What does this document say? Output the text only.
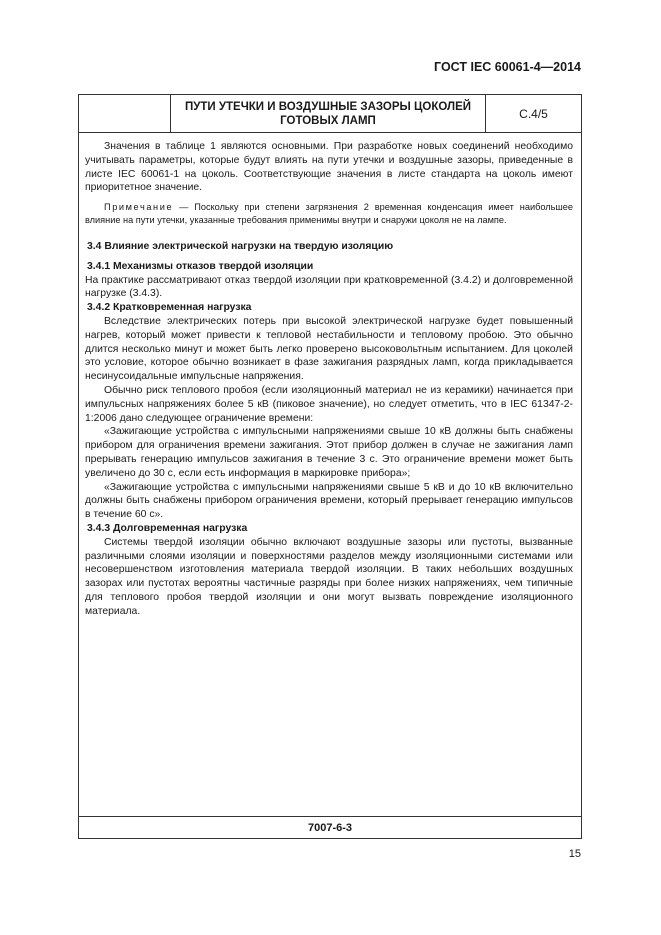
ГОСТ IEC 60061-4—2014
ПУТИ УТЕЧКИ И ВОЗДУШНЫЕ ЗАЗОРЫ ЦОКОЛЕЙ ГОТОВЫХ ЛАМП	С.4/5

Значения в таблице 1 являются основными. При разработке новых соединений необходимо учитывать параметры, которые будут влиять на пути утечки и воздушные зазоры, приведенные в листе IEC 60061-1 на цоколь. Соответствующие значения в листе стандарта на цоколь имеют приоритетное значение.

Примечание — Поскольку при степени загрязнения 2 временная конденсация имеет наибольшее влияние на пути утечки, указанные требования применимы внутри и снаружи цоколя не на лампе.

3.4 Влияние электрической нагрузки на твердую изоляцию

3.4.1 Механизмы отказов твердой изоляции

На практике рассматривают отказ твердой изоляции при кратковременной (3.4.2) и долговременной нагрузке (3.4.3).

3.4.2 Кратковременная нагрузка

Вследствие электрических потерь при высокой электрической нагрузке будет повышенный нагрев, который может привести к тепловой нестабильности и тепловому пробою. Это обычно длится несколько минут и может быть легко проверено высоковольтным испытанием. Для цоколей это условие, которое обычно возникает в фазе зажигания разрядных ламп, когда прикладывается несинусоидальные импульсные напряжения.

Обычно риск теплового пробоя (если изоляционный материал не из керамики) начинается при импульсных напряжениях более 5 кВ (пиковое значение), но следует отметить, что в IEC 61347-2-1:2006 дано следующее ограничение времени:

«Зажигающие устройства с импульсными напряжениями свыше 10 кВ должны быть снабжены прибором для ограничения времени зажигания. Этот прибор должен в случае не зажигания ламп прерывать генерацию импульсов зажигания в течение 3 с. Это ограничение времени может быть увеличено до 30 с, если есть информация в маркировке прибора»;

«Зажигающие устройства с импульсными напряжениями свыше 5 кВ и до 10 кВ включительно должны быть снабжены прибором ограничения времени, который прерывает генерацию импульсов в течение 60 с».

3.4.3 Долговременная нагрузка

Системы твердой изоляции обычно включают воздушные зазоры или пустоты, вызванные различными слоями изоляции и поверхностями разделов между изоляционными системами или несовершенством изготовления материала твердой изоляции. В таких небольших воздушных зазорах или пустотах вероятны частичные разряды при более низких напряжениях, чем типичные для теплового пробоя твердой изоляции и они могут вызвать повреждение изоляционного материала.

7007-6-3
15
